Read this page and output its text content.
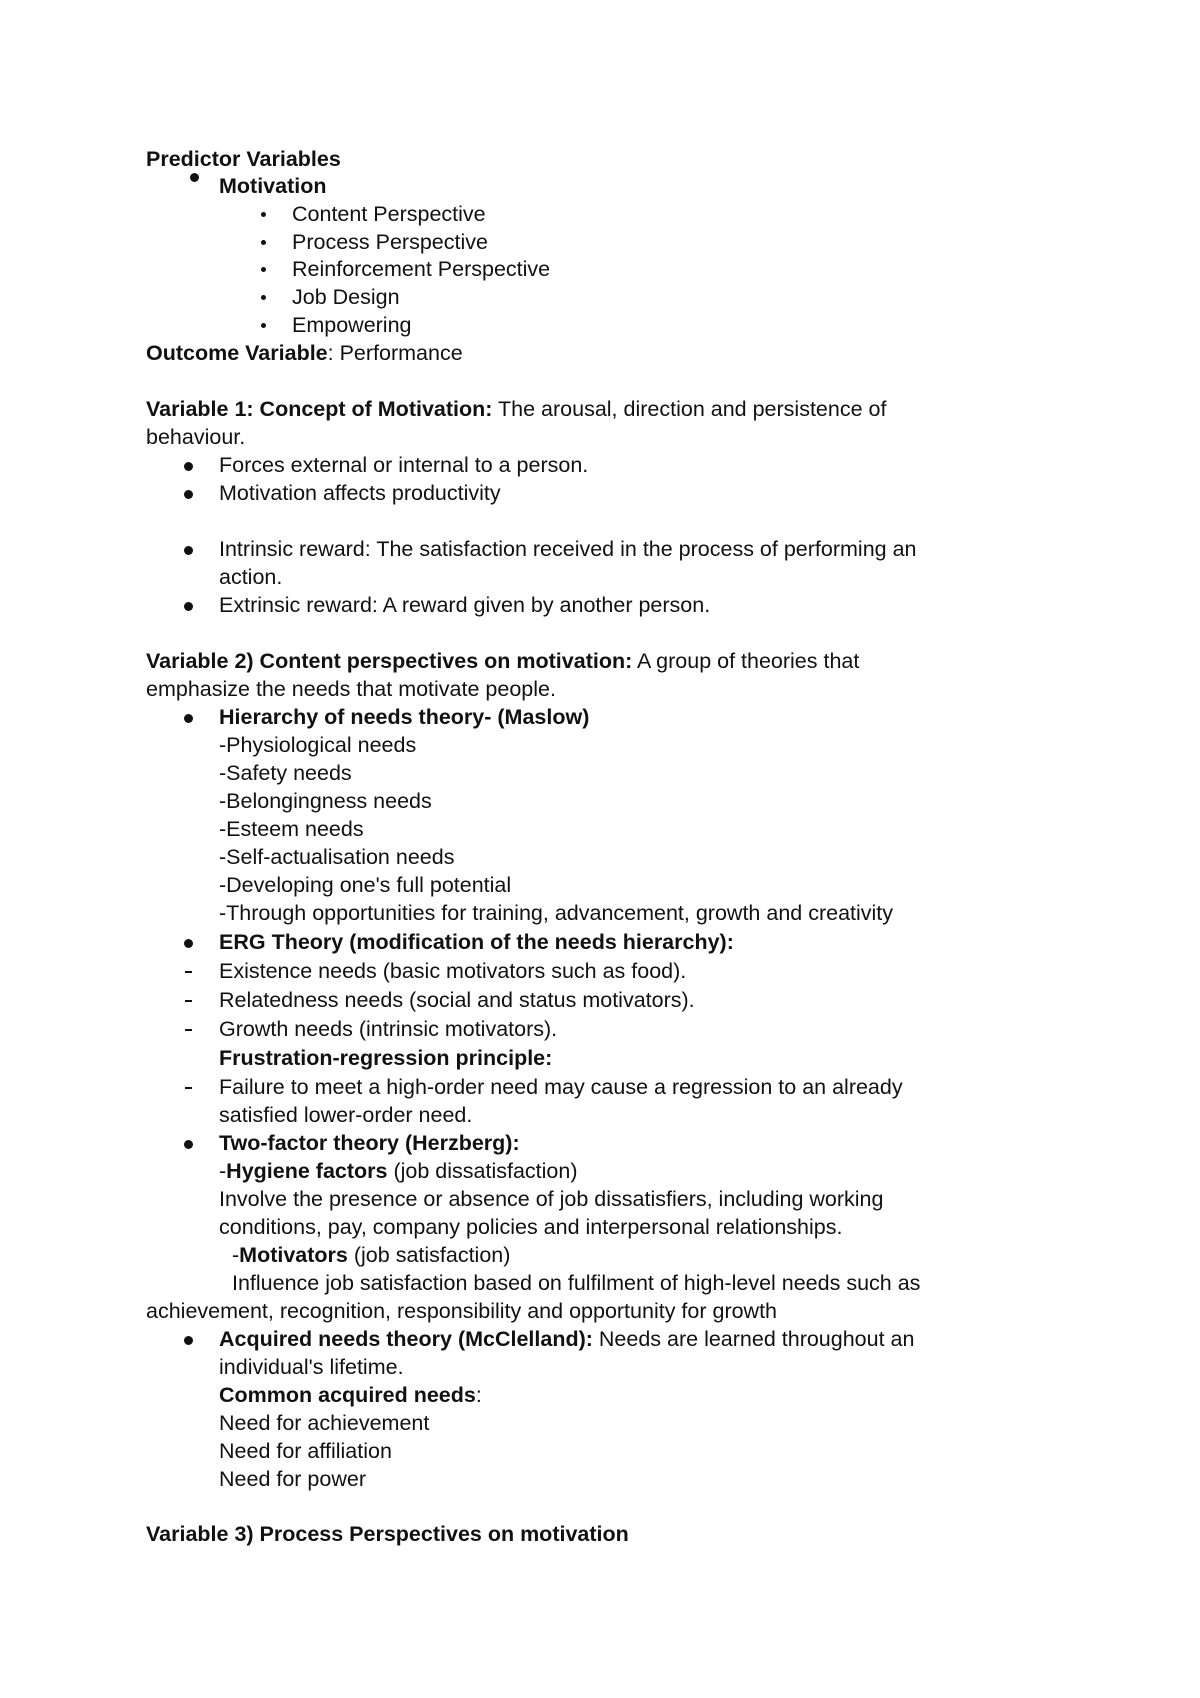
Predictor Variables
Motivation
Content Perspective
Process Perspective
Reinforcement Perspective
Job Design
Empowering
Outcome Variable: Performance
Variable 1: Concept of Motivation: The arousal, direction and persistence of
behaviour.
Forces external or internal to a person.
Motivation affects productivity
Intrinsic reward: The satisfaction received in the process of performing an
action.
Extrinsic reward: A reward given by another person.
Variable 2) Content perspectives on motivation: A group of theories that
emphasize the needs that motivate people.
Hierarchy of needs theory- (Maslow)
-Physiological needs
-Safety needs
-Belongingness needs
-Esteem needs
-Self-actualisation needs
-Developing one's full potential
-Through opportunities for training, advancement, growth and creativity
ERG Theory (modification of the needs hierarchy):
Existence needs (basic motivators such as food).
Relatedness needs (social and status motivators).
Growth needs (intrinsic motivators).
Frustration-regression principle:
Failure to meet a high-order need may cause a regression to an already
satisfied lower-order need.
Two-factor theory (Herzberg):
-Hygiene factors (job dissatisfaction)
Involve the presence or absence of job dissatisfiers, including working
conditions, pay, company policies and interpersonal relationships.
-Motivators (job satisfaction)
Influence job satisfaction based on fulfilment of high-level needs such as
achievement, recognition, responsibility and opportunity for growth
Acquired needs theory (McClelland): Needs are learned throughout an
individual's lifetime.
Common acquired needs:
Need for achievement
Need for affiliation
Need for power
Variable 3) Process Perspectives on motivation
